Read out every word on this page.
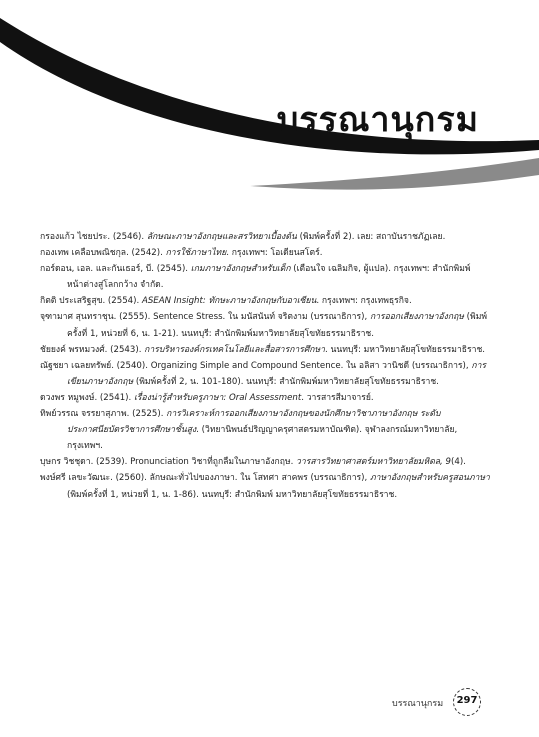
บรรณานุกรม
กรองแก้ว ไชยประ. (2546). ลักษณะภาษาอังกฤษและสรวิทยาเบื้องต้น (พิมพ์ครั้งที่ 2). เลย: สถาบันราชภัฏเลย.
กองเทพ เคลือบพณิชกุล. (2542). การใช้ภาษาไทย. กรุงเทพฯ: โอเดียนสโตร์.
กอร์ดอน, เอล. และกันเธอร์, บี. (2545). เกมภาษาอังกฤษสำหรับเด็ก (เตือนใจ เฉลิมกิจ, ผู้แปล). กรุงเทพฯ: สำนักพิมพ์หน้าต่างสู่โลกกว้าง จำกัด.
กิตติ ประเสริฐสุข. (2554). ASEAN Insight: ทักษะภาษาอังกฤษกับอาเซียน. กรุงเทพฯ: กรุงเทพธุรกิจ.
จุฑามาศ สุนทราชุน. (2555). Sentence Stress. ใน มนัสนันท์ จริตงาม (บรรณาธิการ), การออกเสียงภาษาอังกฤษ (พิมพ์ครั้งที่ 1, หน่วยที่ 6, น. 1-21). นนทบุรี: สำนักพิมพ์มหาวิทยาลัยสุโขทัยธรรมาธิราช.
ชัยยงค์ พรหมวงศ์. (2543). การบริหารองค์กรเทคโนโลยีและสื่อสารการศึกษา. นนทบุรี: มหาวิทยาลัยสุโขทัยธรรมาธิราช.
ณัฐชยา เฉลยทรัพย์. (2540). Organizing Simple and Compound Sentence. ใน อลิสา วานิชดี (บรรณาธิการ), การเขียนภาษาอังกฤษ (พิมพ์ครั้งที่ 2, น. 101-180). นนทบุรี: สำนักพิมพ์มหาวิทยาลัยสุโขทัยธรรมาธิราช.
ดวงพร หมูพงษ์. (2541). เรื่องน่ารู้สำหรับครูภาษา: Oral Assessment. วารสารสีมาจารย์.
ทิพย์วรรณ จรรยาสุภาพ. (2525). การวิเคราะห์การออกเสียงภาษาอังกฤษของนักศึกษาวิชาภาษาอังกฤษ ระดับประกาศนียบัตรวิชาการศึกษาชั้นสูง. (วิทยานิพนธ์ปริญญาครุศาสตรมหาบัณฑิต). จุฬาลงกรณ์มหาวิทยาลัย, กรุงเทพฯ.
บุษกร วิชชุดา. (2539). Pronunciation วิชาที่ถูกลืมในภาษาอังกฤษ. วารสารวิทยาศาสตร์มหาวิทยาลัยมหิดล, 9(4).
พงษ์ศรี เลขะวัฒนะ. (2560). ลักษณะทั่วไปของภาษา. ใน โสทศา สาคพร (บรรณาธิการ), ภาษาอังกฤษสำหรับครูสอนภาษา (พิมพ์ครั้งที่ 1, หน่วยที่ 1, น. 1-86). นนทบุรี: สำนักพิมพ์ มหาวิทยาลัยสุโขทัยธรรมาธิราช.
บรรณานุกรม	297
